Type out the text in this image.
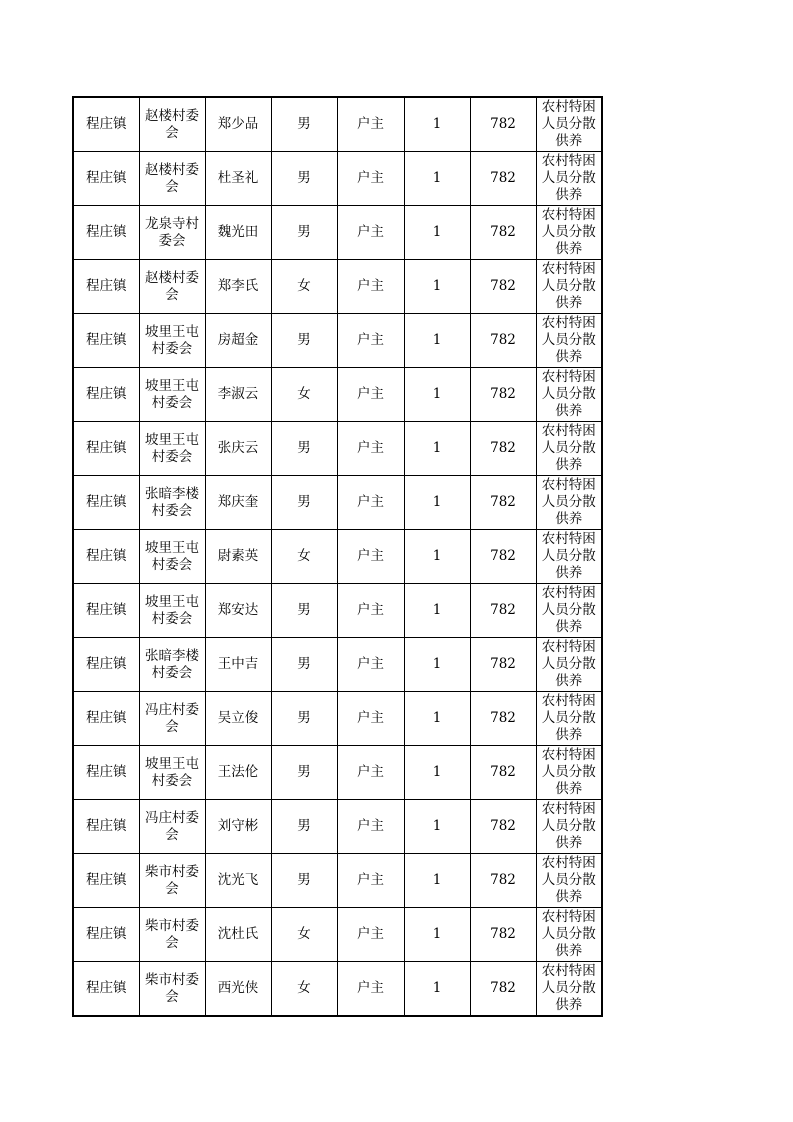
程庄镇	赵楼村委会	郑少品	男	户主	1	782	农村特困人员分散供养
程庄镇	赵楼村委会	杜圣礼	男	户主	1	782	农村特困人员分散供养
程庄镇	龙泉寺村委会	魏光田	男	户主	1	782	农村特困人员分散供养
程庄镇	赵楼村委会	郑李氏	女	户主	1	782	农村特困人员分散供养
程庄镇	坡里王屯村委会	房超金	男	户主	1	782	农村特困人员分散供养
程庄镇	坡里王屯村委会	李淑云	女	户主	1	782	农村特困人员分散供养
程庄镇	坡里王屯村委会	张庆云	男	户主	1	782	农村特困人员分散供养
程庄镇	张暗李楼村委会	郑庆奎	男	户主	1	782	农村特困人员分散供养
程庄镇	坡里王屯村委会	尉素英	女	户主	1	782	农村特困人员分散供养
程庄镇	坡里王屯村委会	郑安达	男	户主	1	782	农村特困人员分散供养
程庄镇	张暗李楼村委会	王中吉	男	户主	1	782	农村特困人员分散供养
程庄镇	冯庄村委会	吴立俊	男	户主	1	782	农村特困人员分散供养
程庄镇	坡里王屯村委会	王法伦	男	户主	1	782	农村特困人员分散供养
程庄镇	冯庄村委会	刘守彬	男	户主	1	782	农村特困人员分散供养
程庄镇	柴市村委会	沈光飞	男	户主	1	782	农村特困人员分散供养
程庄镇	柴市村委会	沈杜氏	女	户主	1	782	农村特困人员分散供养
程庄镇	柴市村委会	西光侠	女	户主	1	782	农村特困人员分散供养
